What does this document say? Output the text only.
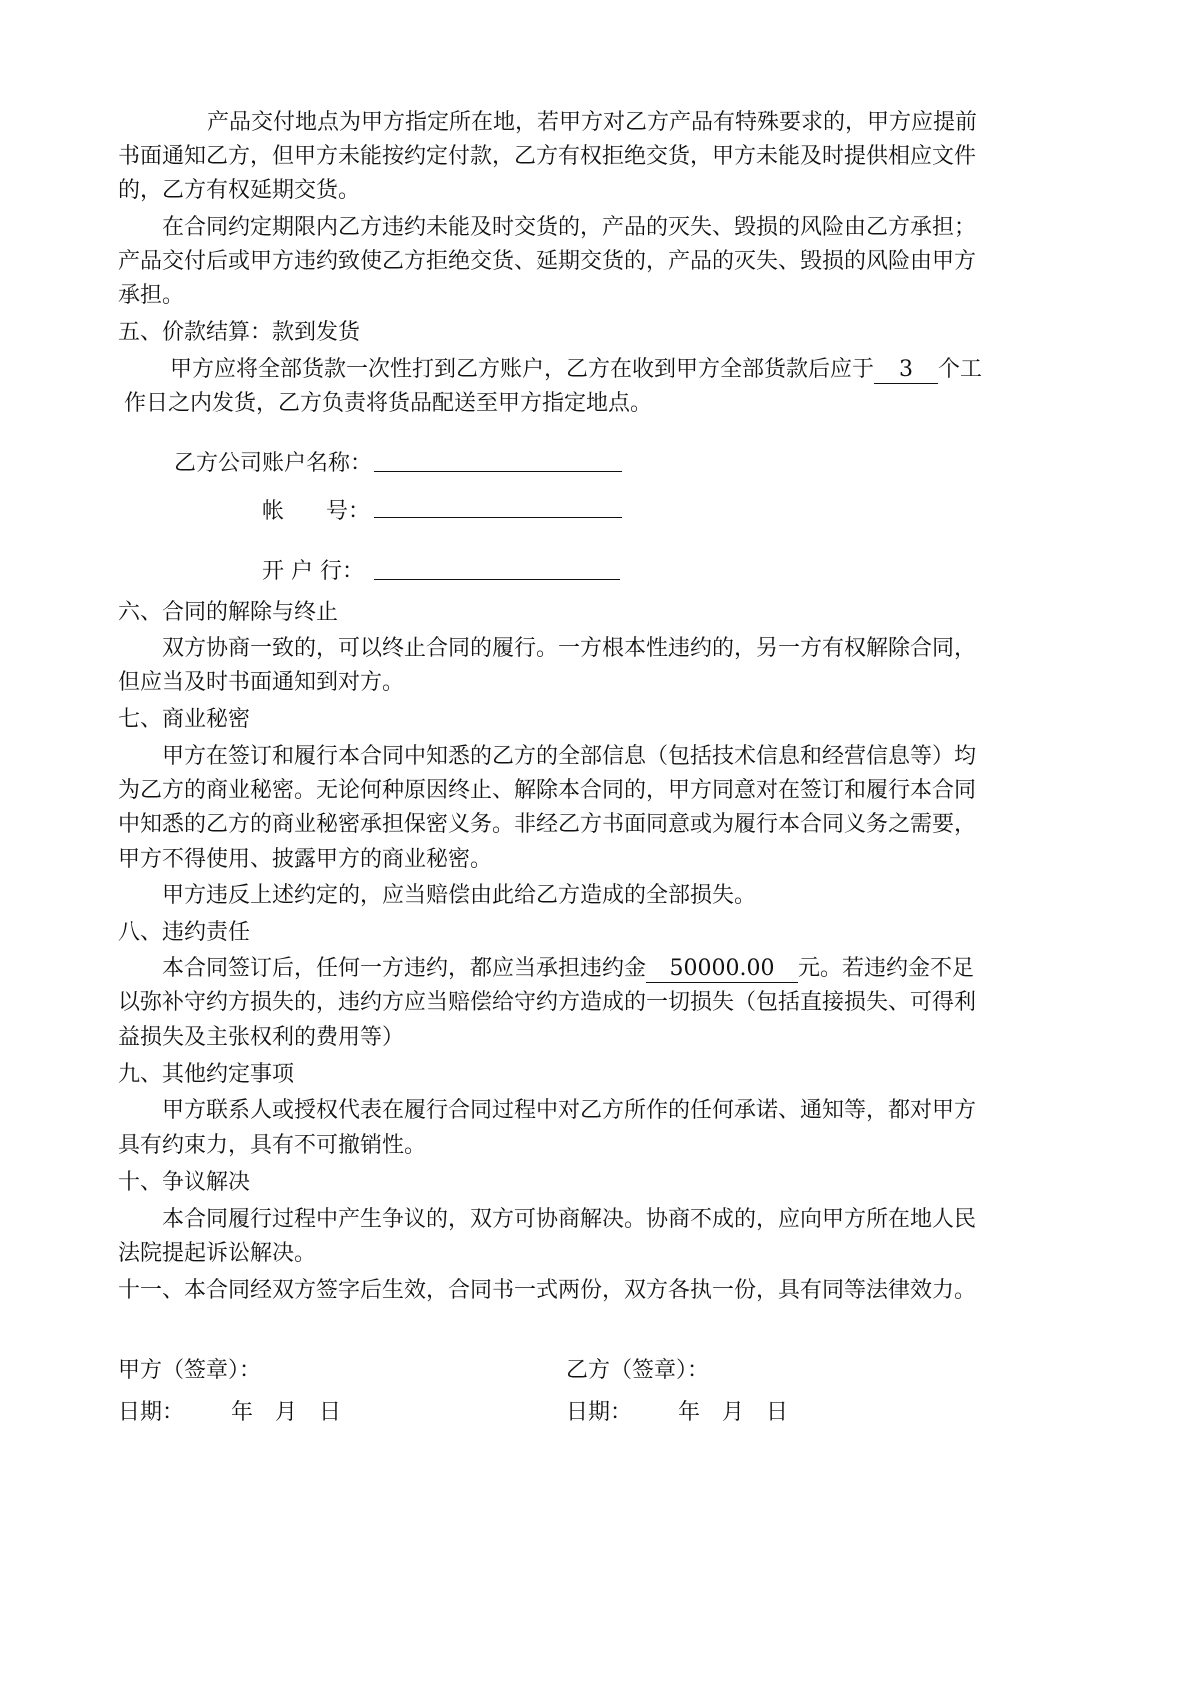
产品交付地点为甲方指定所在地，若甲方对乙方产品有特殊要求的，甲方应提前
书面通知乙方，但甲方未能按约定付款，乙方有权拒绝交货，甲方未能及时提供相应文件
的，乙方有权延期交货。
在合同约定期限内乙方违约未能及时交货的，产品的灭失、毁损的风险由乙方承担；
产品交付后或甲方违约致使乙方拒绝交货、延期交货的，产品的灭失、毁损的风险由甲方
承担。
五、价款结算：款到发货
甲方应将全部货款一次性打到乙方账户，乙方在收到甲方全部货款后应于 3 个工
作日之内发货，乙方负责将货品配送至甲方指定地点。
乙方公司账户名称：
帐      号：
开 户 行：
六、合同的解除与终止
双方协商一致的，可以终止合同的履行。一方根本性违约的，另一方有权解除合同，
但应当及时书面通知到对方。
七、商业秘密
甲方在签订和履行本合同中知悉的乙方的全部信息（包括技术信息和经营信息等）均
为乙方的商业秘密。无论何种原因终止、解除本合同的，甲方同意对在签订和履行本合同
中知悉的乙方的商业秘密承担保密义务。非经乙方书面同意或为履行本合同义务之需要，
甲方不得使用、披露甲方的商业秘密。
甲方违反上述约定的，应当赔偿由此给乙方造成的全部损失。
八、违约责任
本合同签订后，任何一方违约，都应当承担违约金 50000.00 元。若违约金不足
以弥补守约方损失的，违约方应当赔偿给守约方造成的一切损失（包括直接损失、可得利
益损失及主张权利的费用等）
九、其他约定事项
甲方联系人或授权代表在履行合同过程中对乙方所作的任何承诺、通知等，都对甲方
具有约束力，具有不可撤销性。
十、争议解决
本合同履行过程中产生争议的，双方可协商解决。协商不成的，应向甲方所在地人民
法院提起诉讼解决。
十一、本合同经双方签字后生效，合同书一式两份，双方各执一份，具有同等法律效力。
甲方（签章）：	乙方（签章）：
日期： 年 月 日	日期： 年 月 日
